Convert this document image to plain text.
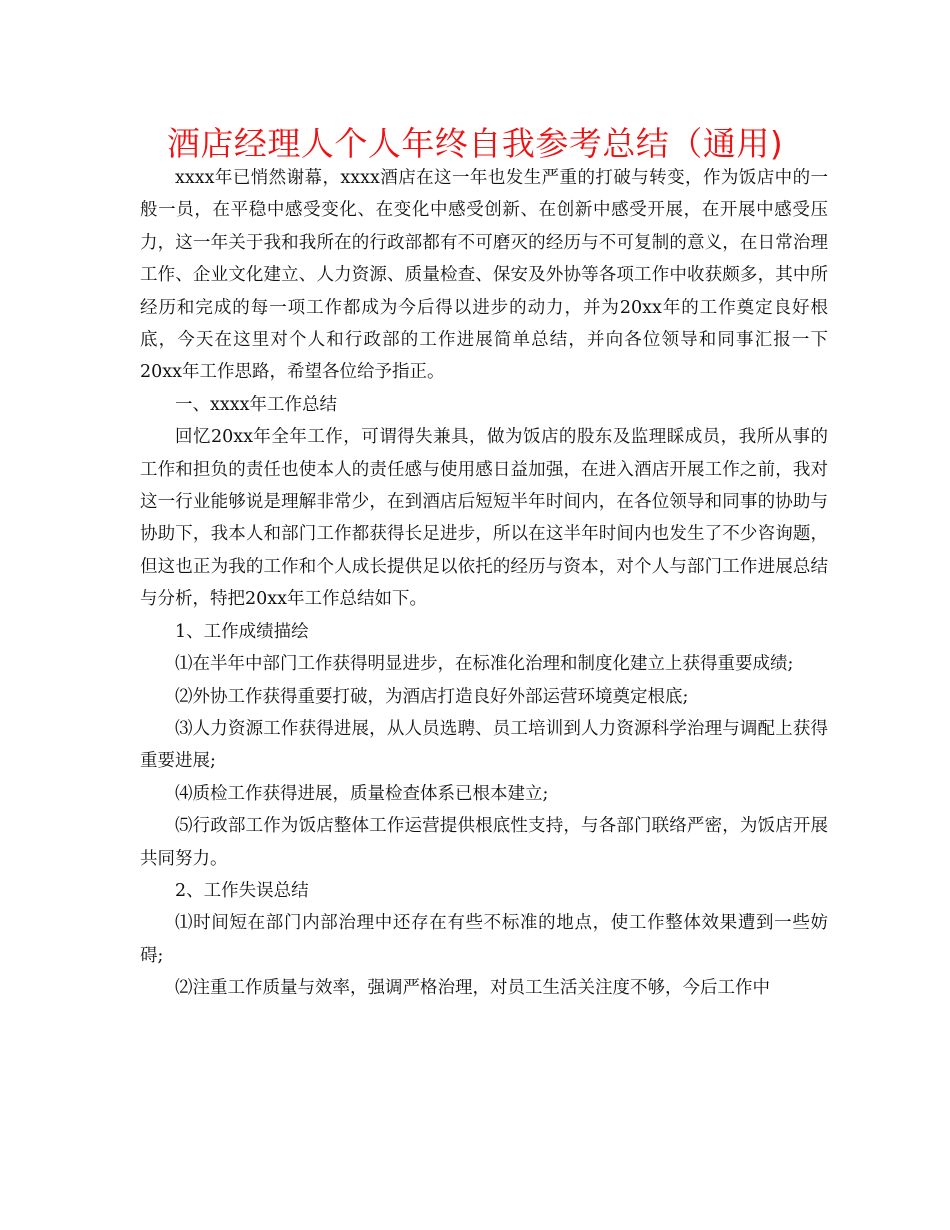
酒店经理人个人年终自我参考总结（通用)

xxxx年已悄然谢幕，xxxx酒店在这一年也发生严重的打破与转变，作为饭店中的一般一员，在平稳中感受变化、在变化中感受创新、在创新中感受开展，在开展中感受压力，这一年关于我和我所在的行政部都有不可磨灭的经历与不可复制的意义，在日常治理工作、企业文化建立、人力资源、质量检查、保安及外协等各项工作中收获颇多，其中所经历和完成的每一项工作都成为今后得以进步的动力，并为20xx年的工作奠定良好根底，今天在这里对个人和行政部的工作进展简单总结，并向各位领导和同事汇报一下20xx年工作思路，希望各位给予指正。

一、xxxx年工作总结

回忆20xx年全年工作，可谓得失兼具，做为饭店的股东及监理睬成员，我所从事的工作和担负的责任也使本人的责任感与使用感日益加强，在进入酒店开展工作之前，我对这一行业能够说是理解非常少，在到酒店后短短半年时间内，在各位领导和同事的协助与协助下，我本人和部门工作都获得长足进步，所以在这半年时间内也发生了不少咨询题，但这也正为我的工作和个人成长提供足以依托的经历与资本，对个人与部门工作进展总结与分析，特把20xx年工作总结如下。

1、工作成绩描绘

⑴在半年中部门工作获得明显进步，在标准化治理和制度化建立上获得重要成绩;

⑵外协工作获得重要打破，为酒店打造良好外部运营环境奠定根底;

⑶人力资源工作获得进展，从人员选聘、员工培训到人力资源科学治理与调配上获得重要进展;

⑷质检工作获得进展，质量检查体系已根本建立;

⑸行政部工作为饭店整体工作运营提供根底性支持，与各部门联络严密，为饭店开展共同努力。

2、工作失误总结

⑴时间短在部门内部治理中还存在有些不标准的地点，使工作整体效果遭到一些妨碍;

⑵注重工作质量与效率，强调严格治理，对员工生活关注度不够，今后工作中
